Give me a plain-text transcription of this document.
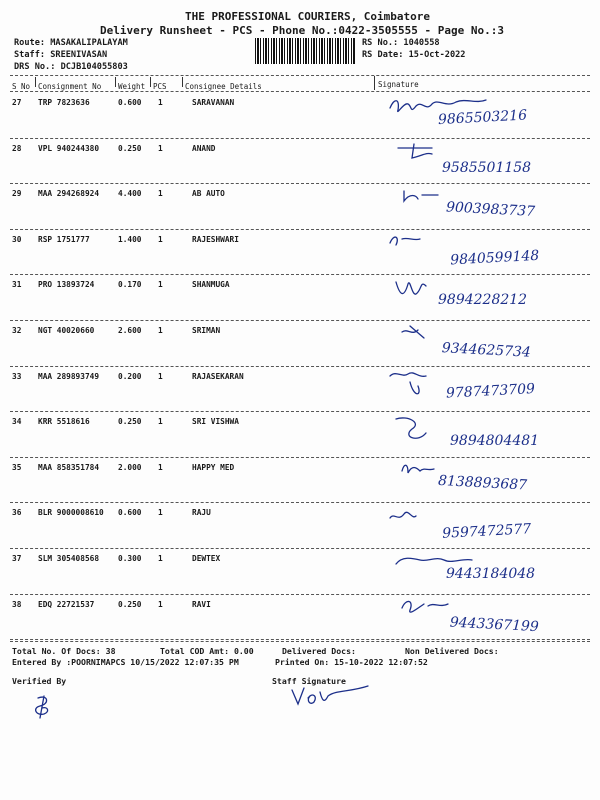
THE PROFESSIONAL COURIERS, Coimbatore
Delivery Runsheet - PCS - Phone No.:0422-3505555 - Page No.:3
Route: MASAKALIPALAYAM
Staff: SREENIVASAN
DRS No.: DCJB104055803
RS No.: 1040558
RS Date: 15-Oct-2022
S No Consignment No Weight PCS Consignee Details	Signature
27 TRP 7823636	0.600 1	SARAVANAN
9865503216
28 VPL 940244380 0.250 1	ANAND
9585501158
29 MAA 294268924 4.400 1	AB AUTO
9003983737
30 RSP 1751777	1.400 1	RAJESHWARI
9840599148
31 PRO 13893724	0.170 1	SHANMUGA
9894228212
32 NGT 40020660	2.600 1	SRIMAN
9344625734
33 MAA 289893749 0.200 1	RAJASEKARAN
9787473709
34 KRR 5518616	0.250 1	SRI VISHWA
9894804481
35 MAA 858351784 2.000 1	HAPPY MED
8138893687
36 BLR 9000008610 0.600 1	RAJU
9597472577
37 SLM 305408568 0.300 1	DEWTEX
9443184048
38 EDQ 22721537	0.250 1	RAVI
9443367199
Total No. Of Docs: 38	Total COD Amt: 0.00	Delivered Docs:	Non Delivered Docs:
Entered By :POORNIMAPCS 10/15/2022 12:07:35 PM	Printed On: 15-10-2022 12:07:52
Verified By	Staff Signature
